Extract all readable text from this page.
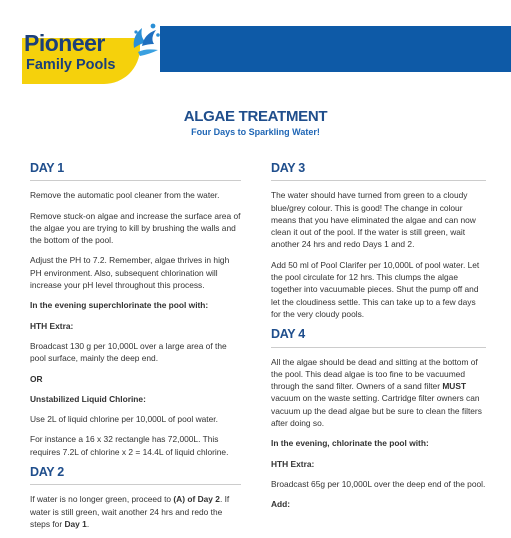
Pioneer
Family Pools
ALGAE TREATMENT
Four Days to Sparkling Water!
DAY 1

Remove the automatic pool cleaner from the water.

Remove stuck-on algae and increase the surface area of the algae you are trying to kill by brushing the walls and the bottom of the pool.

Adjust the PH to 7.2. Remember, algae thrives in high PH environment. Also, subsequent chlorination will increase your pH level throughout this process.

In the evening superchlorinate the pool with:

HTH Extra:

Broadcast 130 g per 10,000L over a large area of the pool surface, mainly the deep end.

OR

Unstabilized Liquid Chlorine:

Use 2L of liquid chlorine per 10,000L of pool water.

For instance a 16 x 32 rectangle has 72,000L. This requires 7.2L of chlorine x 2 = 14.4L of liquid chlorine.

DAY 2

If water is no longer green, proceed to (A) of Day 2. If water is still green, wait another 24 hrs and redo the steps for Day 1.

DAY 3

The water should have turned from green to a cloudy blue/grey colour. This is good! The change in colour means that you have eliminated the algae and can now clean it out of the pool. If the water is still green, wait another 24 hrs and redo Days 1 and 2.

Add 50 ml of Pool Clarifer per 10,000L of pool water. Let the pool circulate for 12 hrs. This clumps the algae together into vacuumable pieces. Shut the pump off and let the cloudiness settle. This can take up to a few days for the very cloudy pools.

DAY 4

All the algae should be dead and sitting at the bottom of the pool. This dead algae is too fine to be vacuumed through the sand filter. Owners of a sand filter MUST vacuum on the waste setting. Cartridge filter owners can vacuum up the dead algae but be sure to clean the filters after doing so.

In the evening, chlorinate the pool with:

HTH Extra:

Broadcast 65g per 10,000L over the deep end of the pool.

Add:
